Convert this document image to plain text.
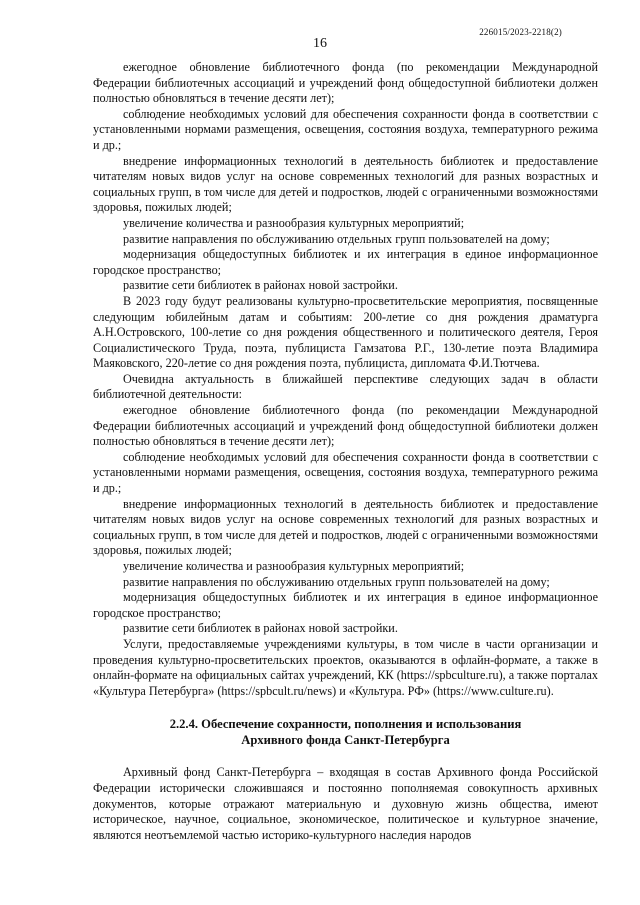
226015/2023-2218(2)
16

ежегодное обновление библиотечного фонда (по рекомендации Международной Федерации библиотечных ассоциаций и учреждений фонд общедоступной библиотеки должен полностью обновляться в течение десяти лет);

соблюдение необходимых условий для обеспечения сохранности фонда в соответствии с установленными нормами размещения, освещения, состояния воздуха, температурного режима и др.;

внедрение информационных технологий в деятельность библиотек и предоставление читателям новых видов услуг на основе современных технологий для разных возрастных и социальных групп, в том числе для детей и подростков, людей с ограниченными возможностями здоровья, пожилых людей;

увеличение количества и разнообразия культурных мероприятий;

развитие направления по обслуживанию отдельных групп пользователей на дому;

модернизация общедоступных библиотек и их интеграция в единое информационное городское пространство;

развитие сети библиотек в районах новой застройки.

В 2023 году будут реализованы культурно-просветительские мероприятия, посвященные следующим юбилейным датам и событиям: 200-летие со дня рождения драматурга А.Н.Островского, 100-летие со дня рождения общественного и политического деятеля, Героя Социалистического Труда, поэта, публициста Гамзатова Р.Г., 130-летие поэта Владимира Маяковского, 220-летие со дня рождения поэта, публициста, дипломата Ф.И.Тютчева.

Очевидна актуальность в ближайшей перспективе следующих задач в области библиотечной деятельности:

ежегодное обновление библиотечного фонда (по рекомендации Международной Федерации библиотечных ассоциаций и учреждений фонд общедоступной библиотеки должен полностью обновляться в течение десяти лет);

соблюдение необходимых условий для обеспечения сохранности фонда в соответствии с установленными нормами размещения, освещения, состояния воздуха, температурного режима и др.;

внедрение информационных технологий в деятельность библиотек и предоставление читателям новых видов услуг на основе современных технологий для разных возрастных и социальных групп, в том числе для детей и подростков, людей с ограниченными возможностями здоровья, пожилых людей;

увеличение количества и разнообразия культурных мероприятий;

развитие направления по обслуживанию отдельных групп пользователей на дому;

модернизация общедоступных библиотек и их интеграция в единое информационное городское пространство;

развитие сети библиотек в районах новой застройки.

Услуги, предоставляемые учреждениями культуры, в том числе в части организации и проведения культурно-просветительских проектов, оказываются в офлайн-формате, а также в онлайн-формате на официальных сайтах учреждений, КК (https://spbculture.ru), а также порталах «Культура Петербурга» (https://spbcult.ru/news) и «Культура. РФ» (https://www.culture.ru).

2.2.4. Обеспечение сохранности, пополнения и использования
Архивного фонда Санкт-Петербурга

Архивный фонд Санкт-Петербурга – входящая в состав Архивного фонда Российской Федерации исторически сложившаяся и постоянно пополняемая совокупность архивных документов, которые отражают материальную и духовную жизнь общества, имеют историческое, научное, социальное, экономическое, политическое и культурное значение, являются неотъемлемой частью историко-культурного наследия народов
